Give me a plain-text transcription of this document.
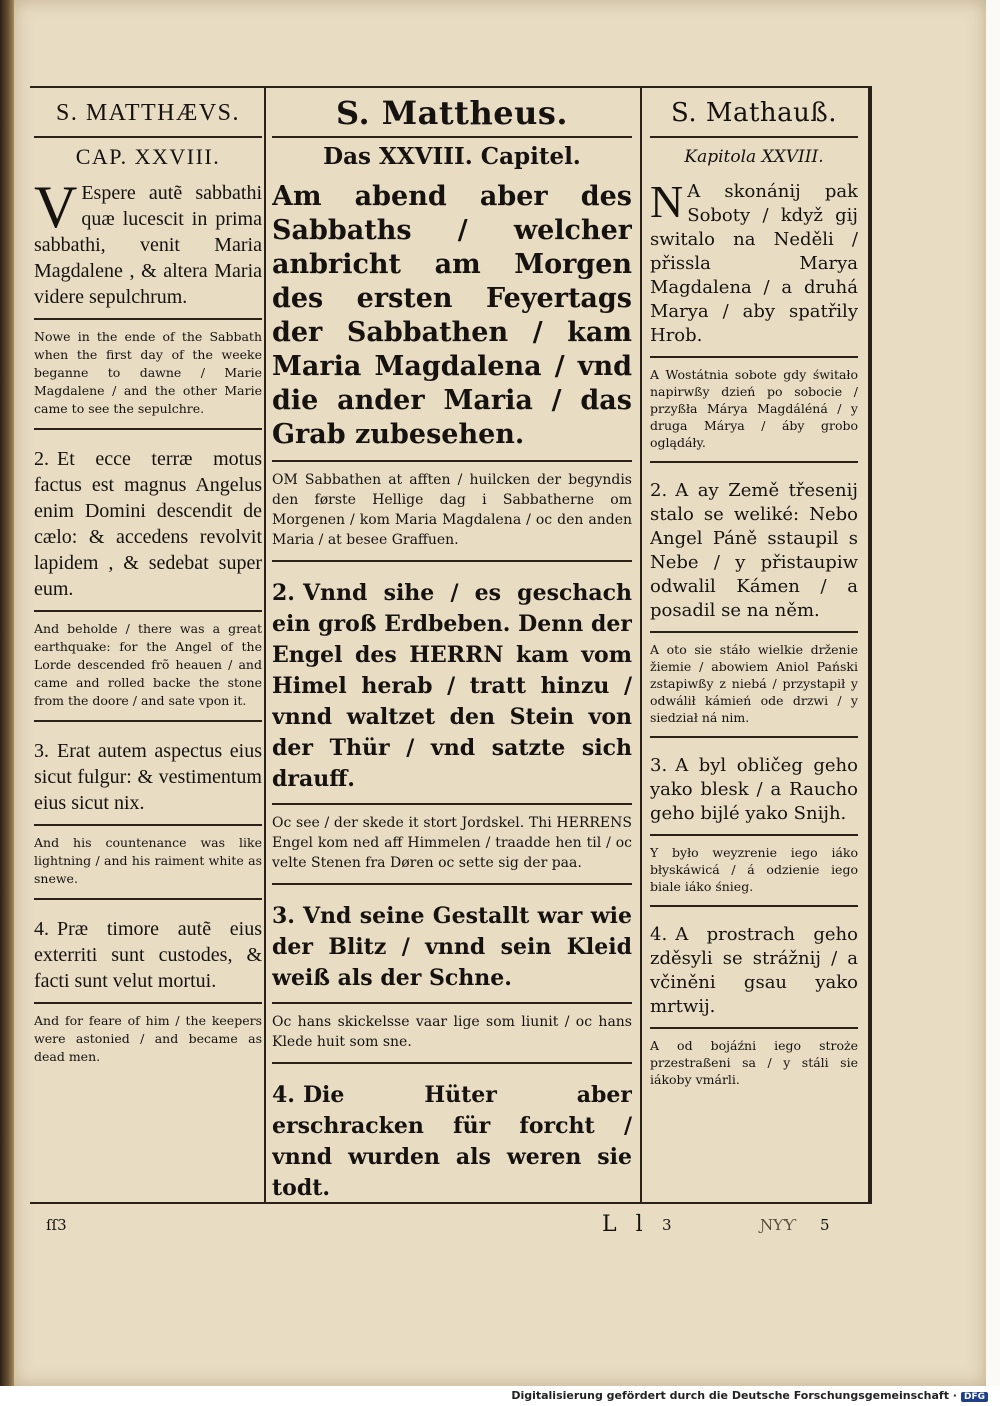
S. MATTHÆVS.
CAP. XXVIII.
V Espere autẽ sabbathi quæ lucescit in prima sabbathi, venit Maria Magdalene , & altera Maria videre sepulchrum.
Nowe in the ende of the Sabbath when the first day of the weeke beganne to dawne / Marie Magdalene / and the other Marie came to see the sepulchre.
2. Et ecce terræ motus factus est magnus Angelus enim Domini descendit de cælo: & accedens revolvit lapidem , & sedebat super eum.
And beholde / there was a great earthquake: for the Angel of the Lorde descended frõ heauen / and came and rolled backe the stone from the doore / and sate vpon it.
3. Erat autem aspectus eius sicut fulgur: & vestimentum eius sicut nix.
And his countenance was like lightning / and his raiment white as snewe.
4. Præ timore autẽ eius exterriti sunt custodes, & facti sunt velut mortui.
And for feare of him / the keepers were astonied / and became as dead men.
S. Mattheus.
Das XXVIII. Capitel.
Am abend aber des Sabbaths / welcher anbricht am Morgen des ersten Feyertags der Sabbathen / kam Maria Magdalena / vnd die ander Maria / das Grab zubesehen.
OM Sabbathen at afften / huilcken der begyndis den første Hellige dag i Sabbatherne om Morgenen / kom Maria Magdalena / oc den anden Maria / at besee Graffuen.
2. Vnnd sihe / es geschach ein groß Erdbeben. Denn der Engel des HERRN kam vom Himel herab / tratt hinzu / vnnd waltzet den Stein von der Thür / vnd satzte sich drauff.
Oc see / der skede it stort Jordskel. Thi HERRENS Engel kom ned aff Himmelen / traadde hen til / oc velte Stenen fra Døren oc sette sig der paa.
3. Vnd seine Gestallt war wie der Blitz / vnnd sein Kleid weiß als der Schne.
Oc hans skickelsse vaar lige som liunit / oc hans Klede huit som sne.
4. Die Hüter aber erschracken für forcht / vnnd wurden als weren sie todt.
S. Mathauß.
Kapitola XXVIII.
N A skonánij pak Soboty / když gij switalo na Neděli / přissla Marya Magdalena / a druhá Marya / aby spatřily Hrob.
A Wostátnia sobote gdy świtało napirwßy dzień po sobocie / przyßła Márya Magdáléná / y druga Márya / áby grobo oglądáły.
2. A ay Země třesenij stalo se weliké: Nebo Angel Páně sstaupil s Nebe / y přistaupiw odwalil Kámen / a posadil se na něm.
A oto sie stáło wielkie drženie žiemie / abowiem Aniol Pański zstapiwßy z niebá / przystapił y odwálił kámień ode drzwi / y siedział ná nim.
3. A byl obličeg geho yako blesk / a Raucho geho bijlé yako Snijh.
Y było weyzrenie iego iáko błyskáwicá / á odzienie iego biale iáko śnieg.
4. A prostrach geho zděsyli se strážnij / a včiněni gsau yako mrtwij.
A od bojáźni iego stroże przestraßeni sa / y stáli sie iákoby vmárli.
ſſ3	L l 3	ƝƳƳ 5
Digitalisierung gefördert durch die Deutsche Forschungsgemeinschaft · DFG
